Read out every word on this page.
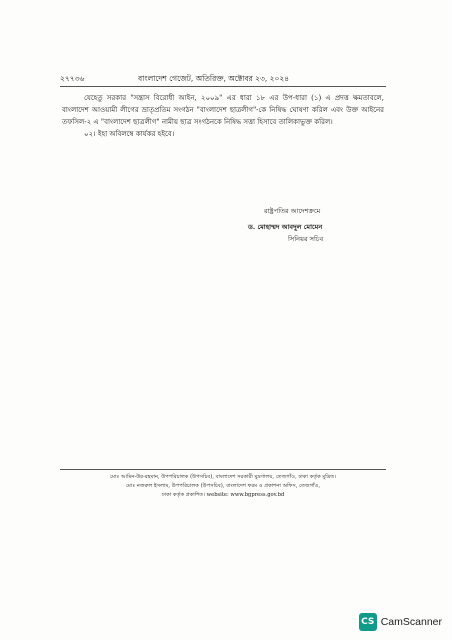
২৭৭৩৬	বাংলাদেশ গেজেট, অতিরিক্ত, অক্টোবর ২৩, ২০২৪

যেহেতু সরকার "সন্ত্রাস বিরোধী আইন, ২০০৯" এর ধারা ১৮ এর উপ-ধারা (১) এ প্রদত্ত ক্ষমতাবলে, বাংলাদেশ আওয়ামী লীগের ভ্রাতৃপ্রতিম সংগঠন "বাংলাদেশ ছাত্রলীগ"-কে নিষিদ্ধ ঘোষণা করিল এবং উক্ত আইনের তফসিল-২ এ "বাংলাদেশ ছাত্রলীগ" নামীয় ছাত্র সংগঠনকে নিষিদ্ধ সত্তা হিসাবে তালিকাভুক্ত করিল।

০২। ইহা অবিলম্বে কার্যকর হইবে।

রাষ্ট্রপতির আদেশক্রমে
ড. মোহাম্মদ আবদুল মোমেন
সিনিয়র সচিব
মোঃ আমিন-উর-রহমান, উপপরিচালক (উপসচিব), বাংলাদেশ সরকারী মুদ্রণালয়, তেজগাঁও, ঢাকা কর্তৃক মুদ্রিত।
মোঃ নজরুল ইসলাম, উপপরিচালক (উপসচিব), বাংলাদেশ ফরম ও প্রকাশনা অফিস, তেজগাঁও,
ঢাকা কর্তৃক প্রকাশিত। website: www.bgpress.gov.bd
CS CamScanner
